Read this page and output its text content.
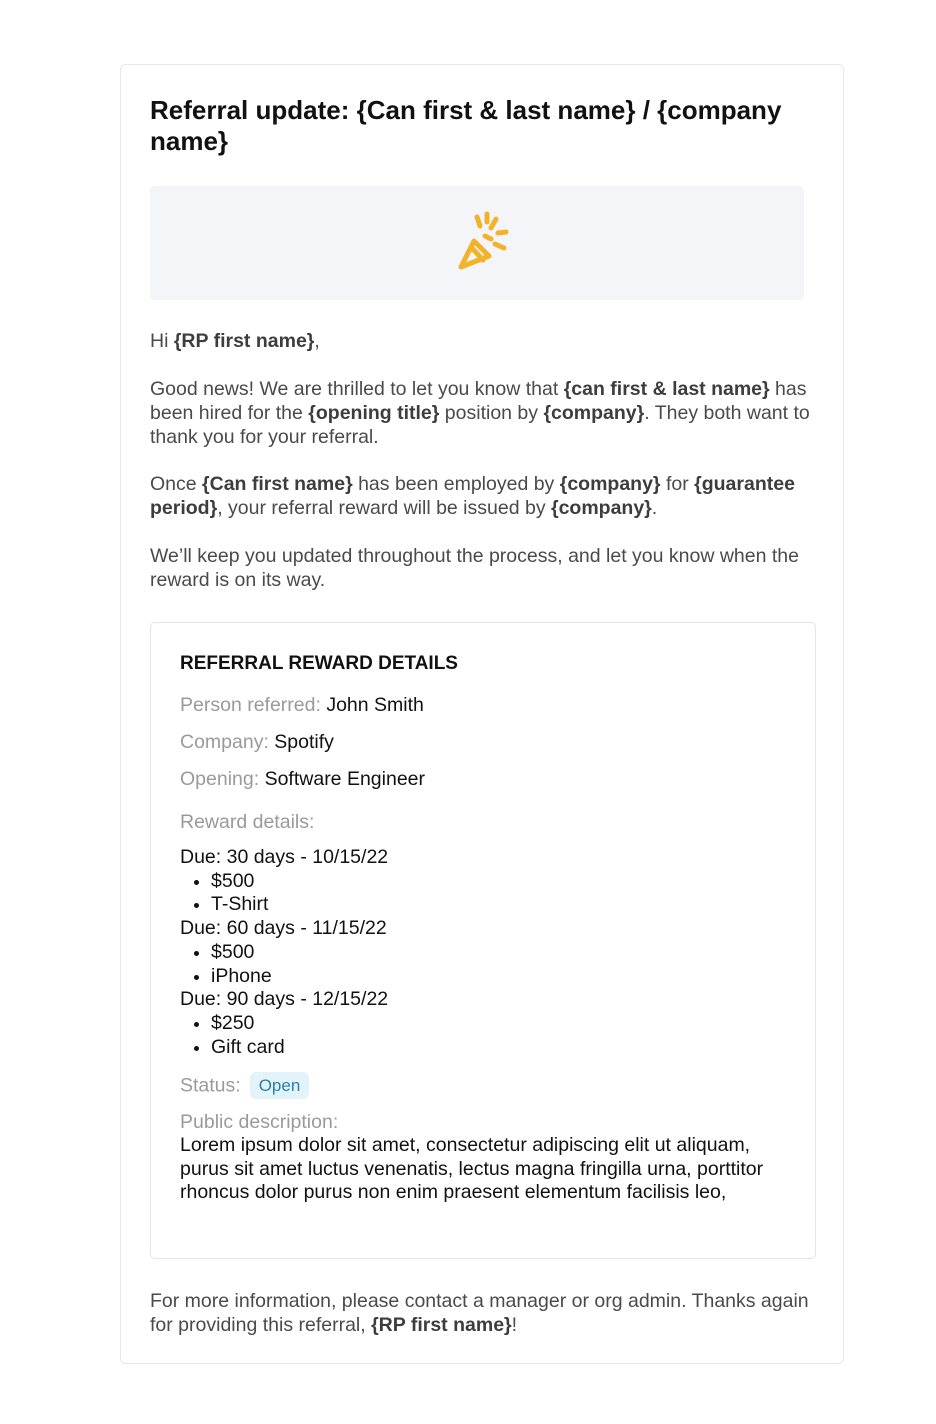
Referral update: {Can first & last name} / {company name}

Hi {RP first name},

Good news! We are thrilled to let you know that {can first & last name} has been hired for the {opening title} position by {company}. They both want to thank you for your referral.

Once {Can first name} has been employed by {company} for {guarantee period}, your referral reward will be issued by {company}.

We’ll keep you updated throughout the process, and let you know when the reward is on its way.

REFERRAL REWARD DETAILS
Person referred: John Smith
Company: Spotify
Opening: Software Engineer
Reward details:
Due: 30 days - 10/15/22
$500
T-Shirt
Due: 60 days - 11/15/22
$500
iPhone
Due: 90 days - 12/15/22
$250
Gift card
Status: Open
Public description:

Lorem ipsum dolor sit amet, consectetur adipiscing elit ut aliquam, purus sit amet luctus venenatis, lectus magna fringilla urna, porttitor rhoncus dolor purus non enim praesent elementum facilisis leo,

For more information, please contact a manager or org admin. Thanks again for providing this referral, {RP first name}!
